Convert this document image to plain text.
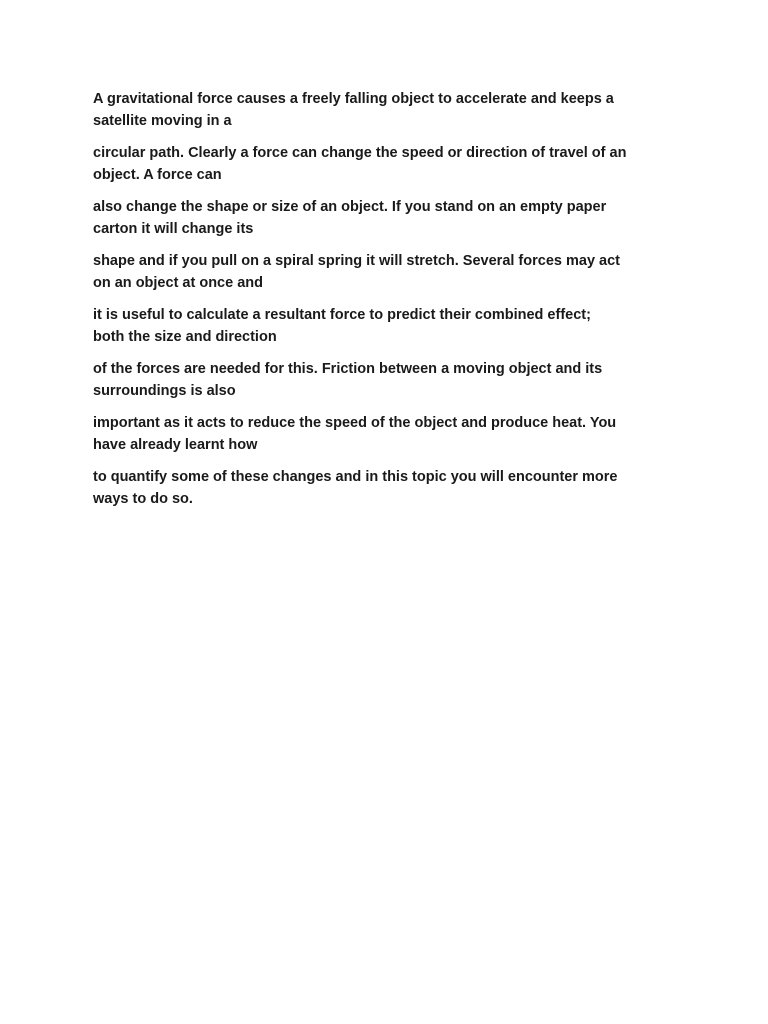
A gravitational force causes a freely falling object to accelerate and keeps a
satellite moving in a

circular path. Clearly a force can change the speed or direction of travel of an
object. A force can

also change the shape or size of an object. If you stand on an empty paper
carton it will change its

shape and if you pull on a spiral spring it will stretch. Several forces may act
on an object at once and

it is useful to calculate a resultant force to predict their combined effect;
both the size and direction

of the forces are needed for this. Friction between a moving object and its
surroundings is also

important as it acts to reduce the speed of the object and produce heat. You
have already learnt how

to quantify some of these changes and in this topic you will encounter more
ways to do so.
